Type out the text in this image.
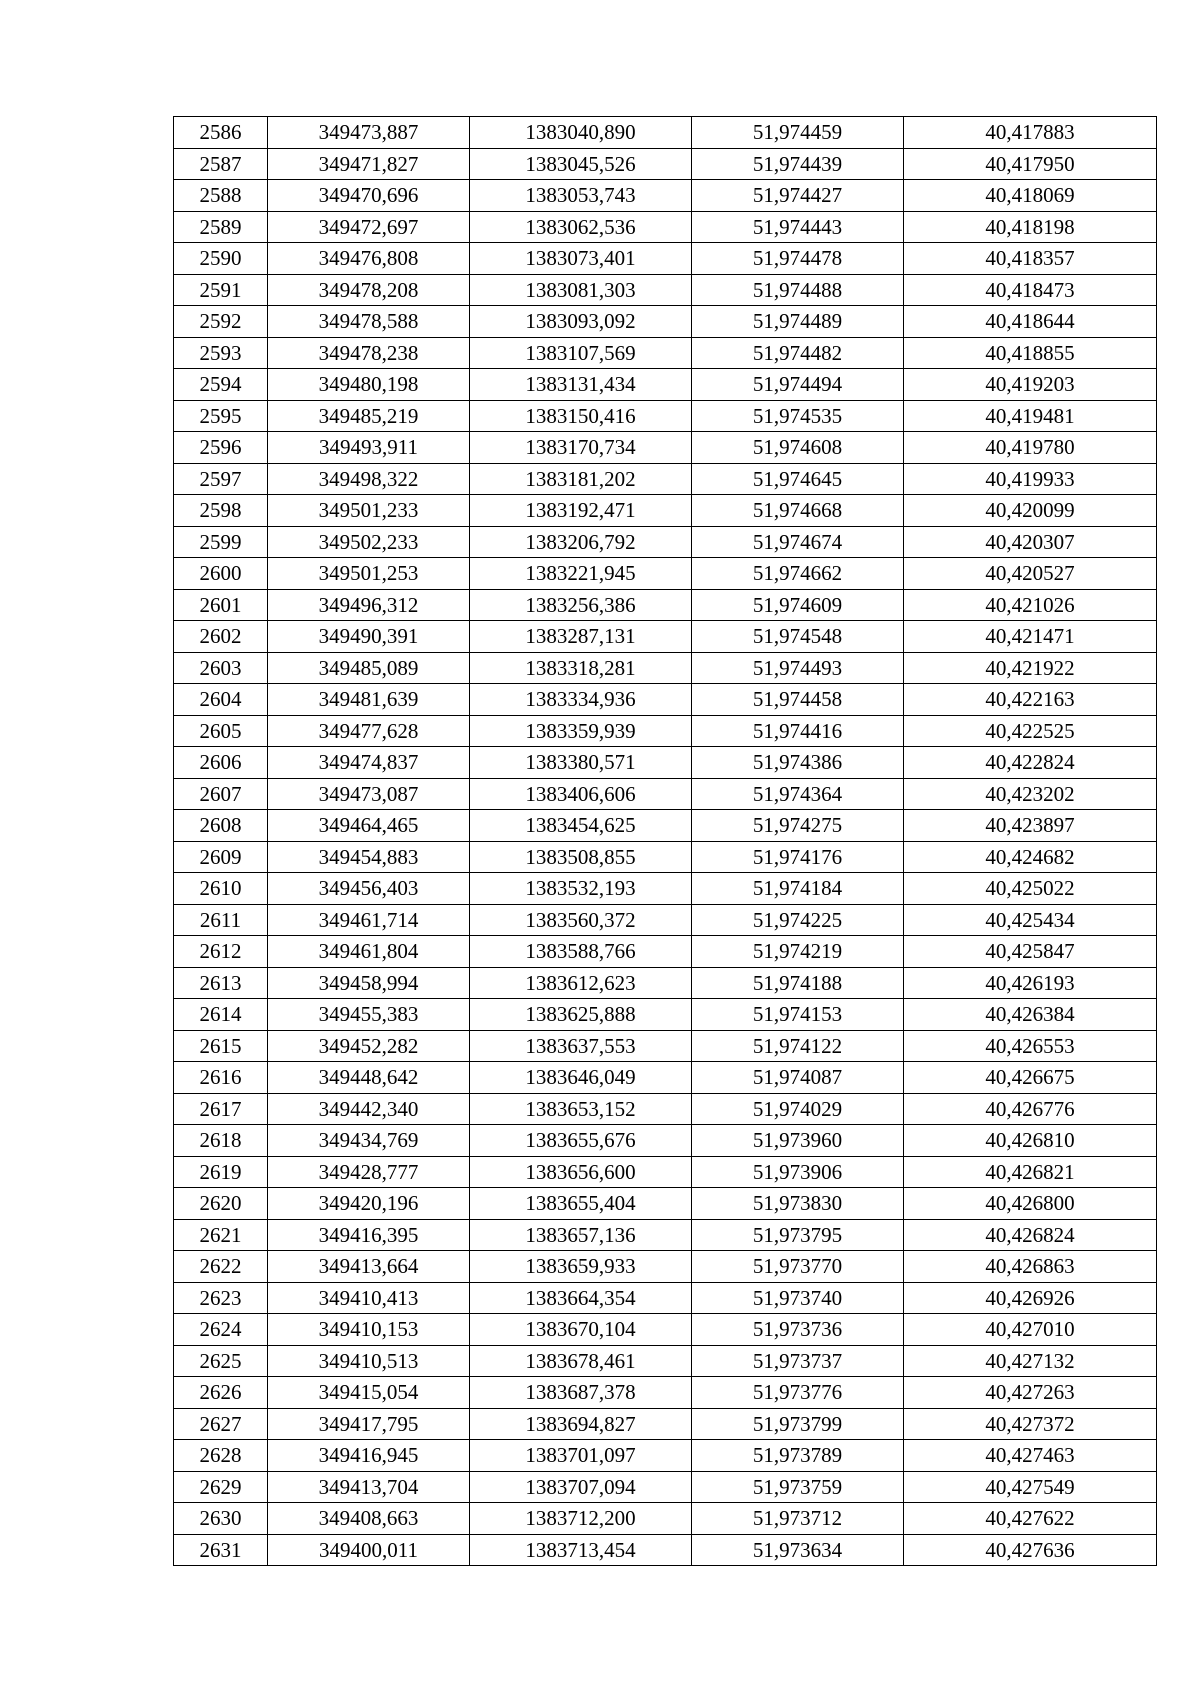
2586	349473,887	1383040,890	51,974459	40,417883
2587	349471,827	1383045,526	51,974439	40,417950
2588	349470,696	1383053,743	51,974427	40,418069
2589	349472,697	1383062,536	51,974443	40,418198
2590	349476,808	1383073,401	51,974478	40,418357
2591	349478,208	1383081,303	51,974488	40,418473
2592	349478,588	1383093,092	51,974489	40,418644
2593	349478,238	1383107,569	51,974482	40,418855
2594	349480,198	1383131,434	51,974494	40,419203
2595	349485,219	1383150,416	51,974535	40,419481
2596	349493,911	1383170,734	51,974608	40,419780
2597	349498,322	1383181,202	51,974645	40,419933
2598	349501,233	1383192,471	51,974668	40,420099
2599	349502,233	1383206,792	51,974674	40,420307
2600	349501,253	1383221,945	51,974662	40,420527
2601	349496,312	1383256,386	51,974609	40,421026
2602	349490,391	1383287,131	51,974548	40,421471
2603	349485,089	1383318,281	51,974493	40,421922
2604	349481,639	1383334,936	51,974458	40,422163
2605	349477,628	1383359,939	51,974416	40,422525
2606	349474,837	1383380,571	51,974386	40,422824
2607	349473,087	1383406,606	51,974364	40,423202
2608	349464,465	1383454,625	51,974275	40,423897
2609	349454,883	1383508,855	51,974176	40,424682
2610	349456,403	1383532,193	51,974184	40,425022
2611	349461,714	1383560,372	51,974225	40,425434
2612	349461,804	1383588,766	51,974219	40,425847
2613	349458,994	1383612,623	51,974188	40,426193
2614	349455,383	1383625,888	51,974153	40,426384
2615	349452,282	1383637,553	51,974122	40,426553
2616	349448,642	1383646,049	51,974087	40,426675
2617	349442,340	1383653,152	51,974029	40,426776
2618	349434,769	1383655,676	51,973960	40,426810
2619	349428,777	1383656,600	51,973906	40,426821
2620	349420,196	1383655,404	51,973830	40,426800
2621	349416,395	1383657,136	51,973795	40,426824
2622	349413,664	1383659,933	51,973770	40,426863
2623	349410,413	1383664,354	51,973740	40,426926
2624	349410,153	1383670,104	51,973736	40,427010
2625	349410,513	1383678,461	51,973737	40,427132
2626	349415,054	1383687,378	51,973776	40,427263
2627	349417,795	1383694,827	51,973799	40,427372
2628	349416,945	1383701,097	51,973789	40,427463
2629	349413,704	1383707,094	51,973759	40,427549
2630	349408,663	1383712,200	51,973712	40,427622
2631	349400,011	1383713,454	51,973634	40,427636
